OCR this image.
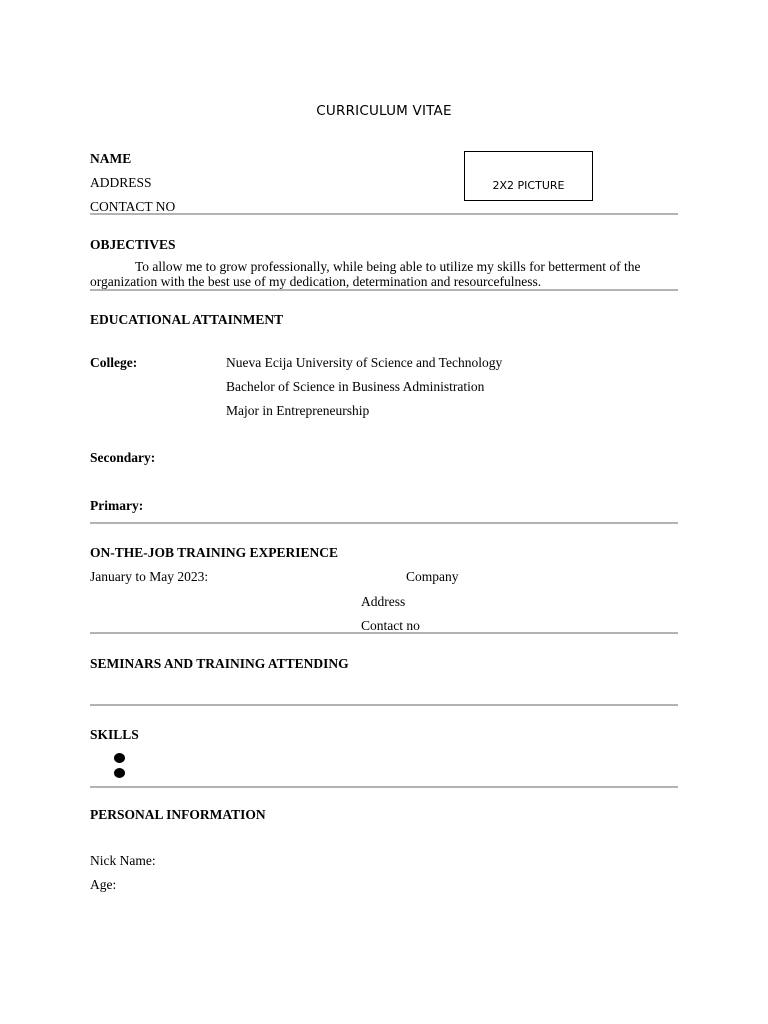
CURRICULUM VITAE
NAME
ADDRESS
CONTACT NO
2X2 PICTURE
OBJECTIVES
To allow me to grow professionally, while being able to utilize my skills for betterment of the organization with the best use of my dedication, determination and resourcefulness.
EDUCATIONAL ATTAINMENT
College:	Nueva Ecija University of Science and Technology
Bachelor of Science in Business Administration
Major in Entrepreneurship
Secondary:
Primary:
ON-THE-JOB TRAINING EXPERIENCE
January to May 2023:	Company
Address
Contact no
SEMINARS AND TRAINING ATTENDING
SKILLS
PERSONAL INFORMATION
Nick Name:
Age:
